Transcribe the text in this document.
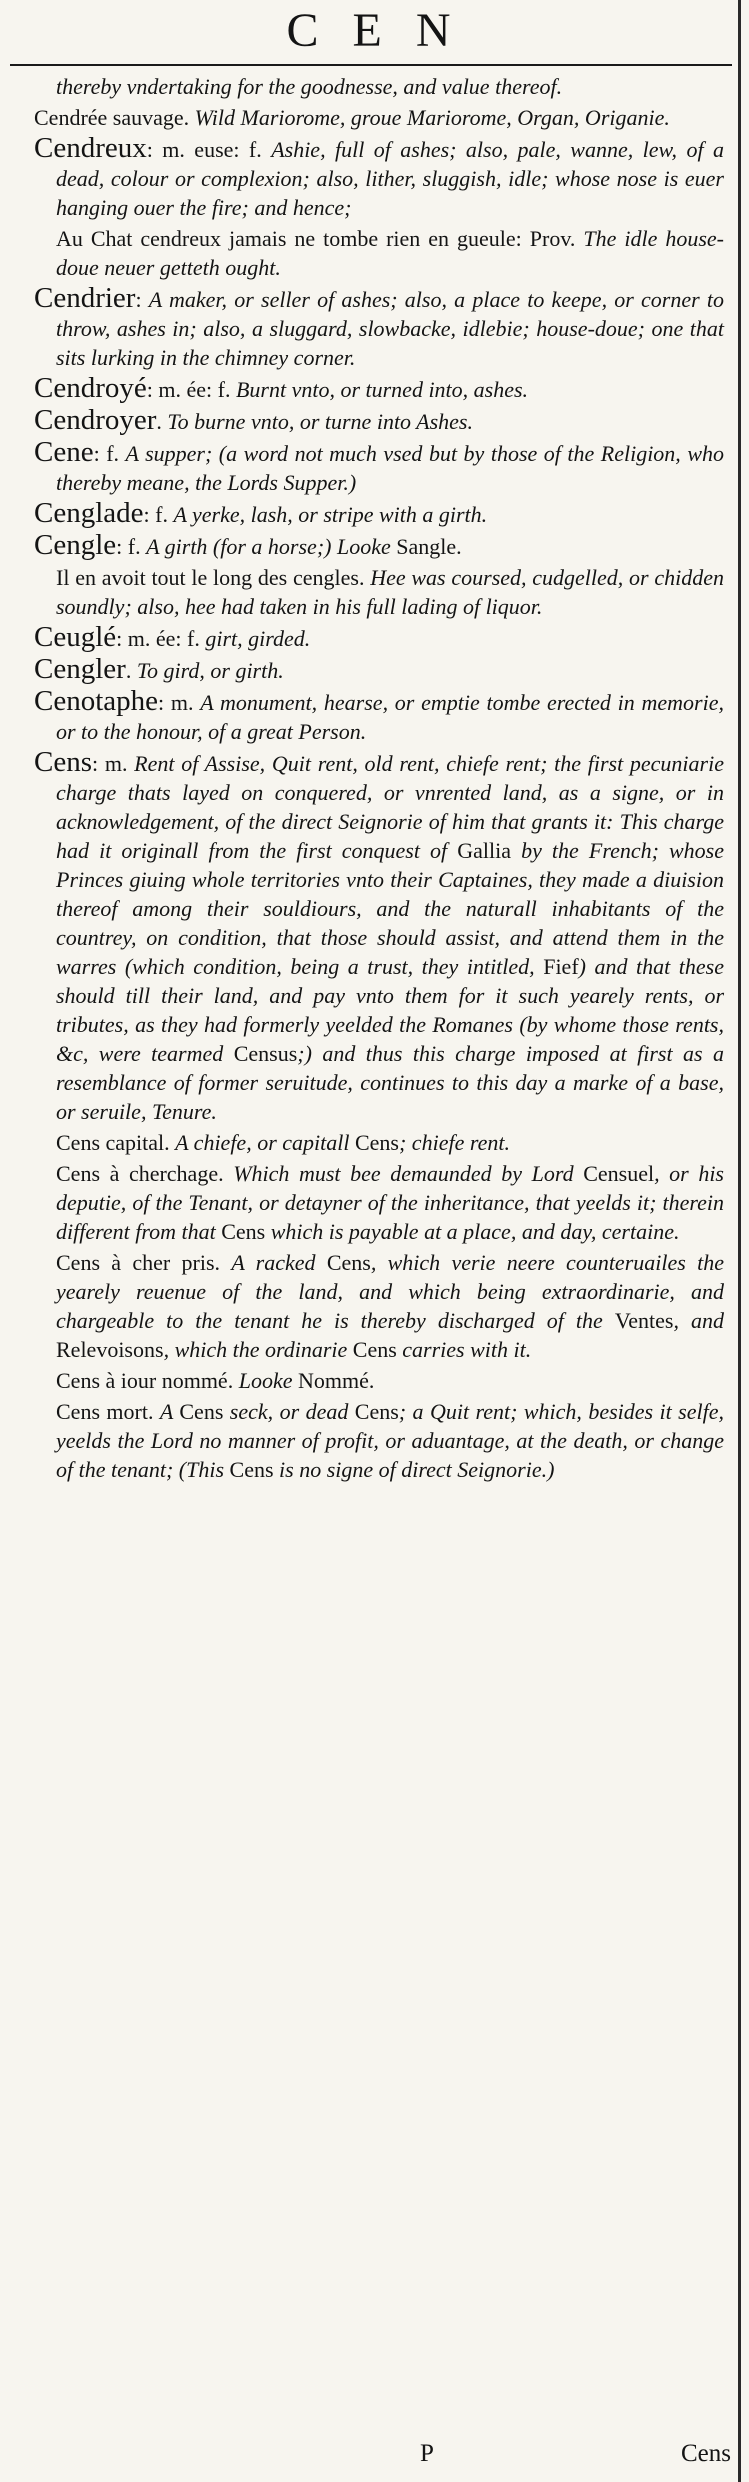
CEN

thereby vndertaking for the goodnesse, and value thereof.

Cendrée sauvage. Wild Mariorome, groue Mariorome, Organ, Origanie.

Cendreux: m. euse: f. Ashie, full of ashes; also, pale, wanne, lew, of a dead, colour or complexion; also, lither, sluggish, idle; whose nose is euer hanging ouer the fire; and hence;

Au Chat cendreux jamais ne tombe rien en gueule: Prov. The idle house-doue neuer getteth ought.

Cendrier: A maker, or seller of ashes; also, a place to keepe, or corner to throw, ashes in; also, a sluggard, slowbacke, idlebie; house-doue; one that sits lurking in the chimney corner.

Cendroyé: m. ée: f. Burnt vnto, or turned into, ashes.

Cendroyer. To burne vnto, or turne into Ashes.

Cene: f. A supper; (a word not much vsed but by those of the Religion, who thereby meane, the Lords Supper.)

Cenglade: f. A yerke, lash, or stripe with a girth.

Cengle: f. A girth (for a horse;) Looke Sangle.

Il en avoit tout le long des cengles. Hee was coursed, cudgelled, or chidden soundly; also, hee had taken in his full lading of liquor.

Ceuglé: m. ée: f. girt, girded.

Cengler. To gird, or girth.

Cenotaphe: m. A monument, hearse, or emptie tombe erected in memorie, or to the honour, of a great Person.

Cens: m. Rent of Assise, Quit rent, old rent, chiefe rent; the first pecuniarie charge thats layed on conquered, or vnrented land, as a signe, or in acknowledgement, of the direct Seignorie of him that grants it: This charge had it originall from the first conquest of Gallia by the French; whose Princes giuing whole territories vnto their Captaines, they made a diuision thereof among their souldiours, and the naturall inhabitants of the countrey, on condition, that those should assist, and attend them in the warres (which condition, being a trust, they intitled, Fief) and that these should till their land, and pay vnto them for it such yearely rents, or tributes, as they had formerly yeelded the Romanes (by whome those rents, &c, were tearmed Census;) and thus this charge imposed at first as a resemblance of former seruitude, continues to this day a marke of a base, or seruile, Tenure.

Cens capital. A chiefe, or capitall Cens; chiefe rent.

Cens à cherchage. Which must bee demaunded by Lord Censuel, or his deputie, of the Tenant, or detayner of the inheritance, that yeelds it; therein different from that Cens which is payable at a place, and day, certaine.

Cens à cher pris. A racked Cens, which verie neere counteruailes the yearely reuenue of the land, and which being extraordinarie, and chargeable to the tenant he is thereby discharged of the Ventes, and Relevoisons, which the ordinarie Cens carries with it.

Cens à iour nommé. Looke Nommé.

Cens mort. A Cens seck, or dead Cens; a Quit rent; which, besides it selfe, yeelds the Lord no manner of profit, or aduantage, at the death, or change of the tenant; (This Cens is no signe of direct Seignorie.)

P	Cens
